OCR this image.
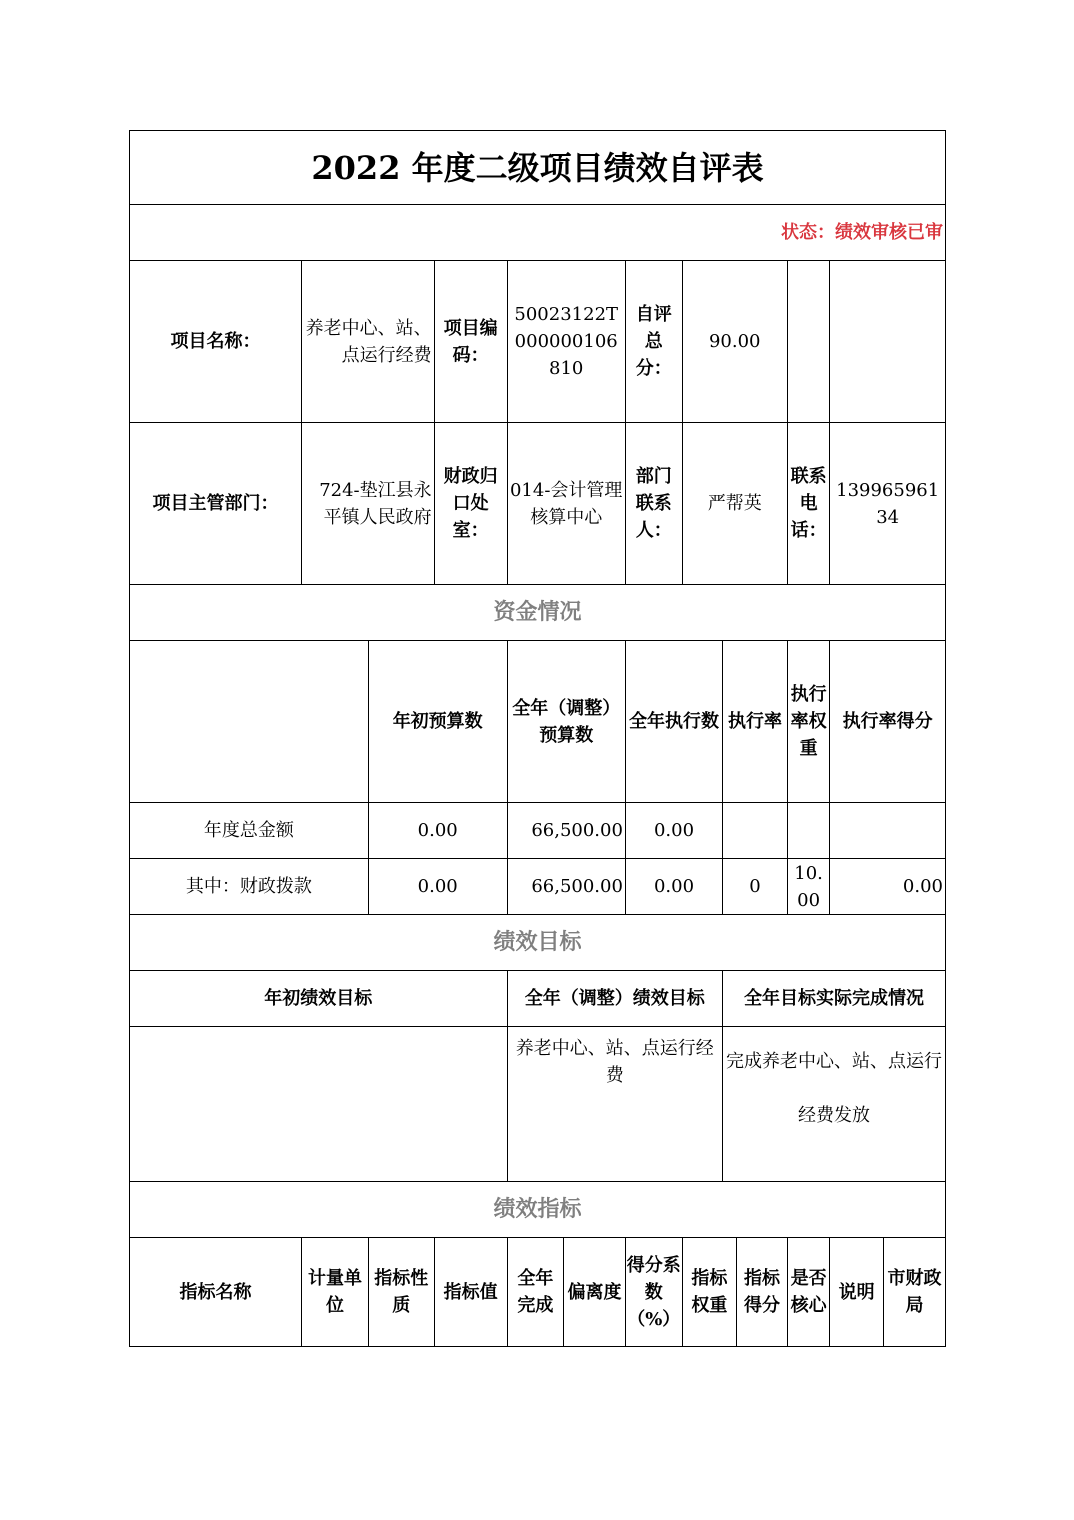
2022 年度二级项目绩效自评表												
状态：绩效审核已审												
项目名称：	养老中心、站、点运行经费		项目编码：	50023122T000000106810		自评总分：	90.00					
项目主管部门：	724-垫江县永平镇人民政府		财政归口处室：	014-会计管理核算中心		部门联系人：	严帮英			联系电话：	13996596134	
资金情况												
		年初预算数		全年（调整）预算数		全年执行数		执行率		执行率权重	执行率得分	
年度总金额		0.00		66,500.00		0.00						
其中：财政拨款		0.00		66,500.00		0.00		0		10.00	0.00	
绩效目标												
年初绩效目标				全年（调整）绩效目标				全年目标实际完成情况				
				养老中心、站、点运行经费				完成养老中心、站、点运行经费发放				
绩效指标												
指标名称	计量单位	指标性质	指标值	全年完成	偏离度	得分系数（%）	指标权重		指标得分	是否核心	说明	市财政局
